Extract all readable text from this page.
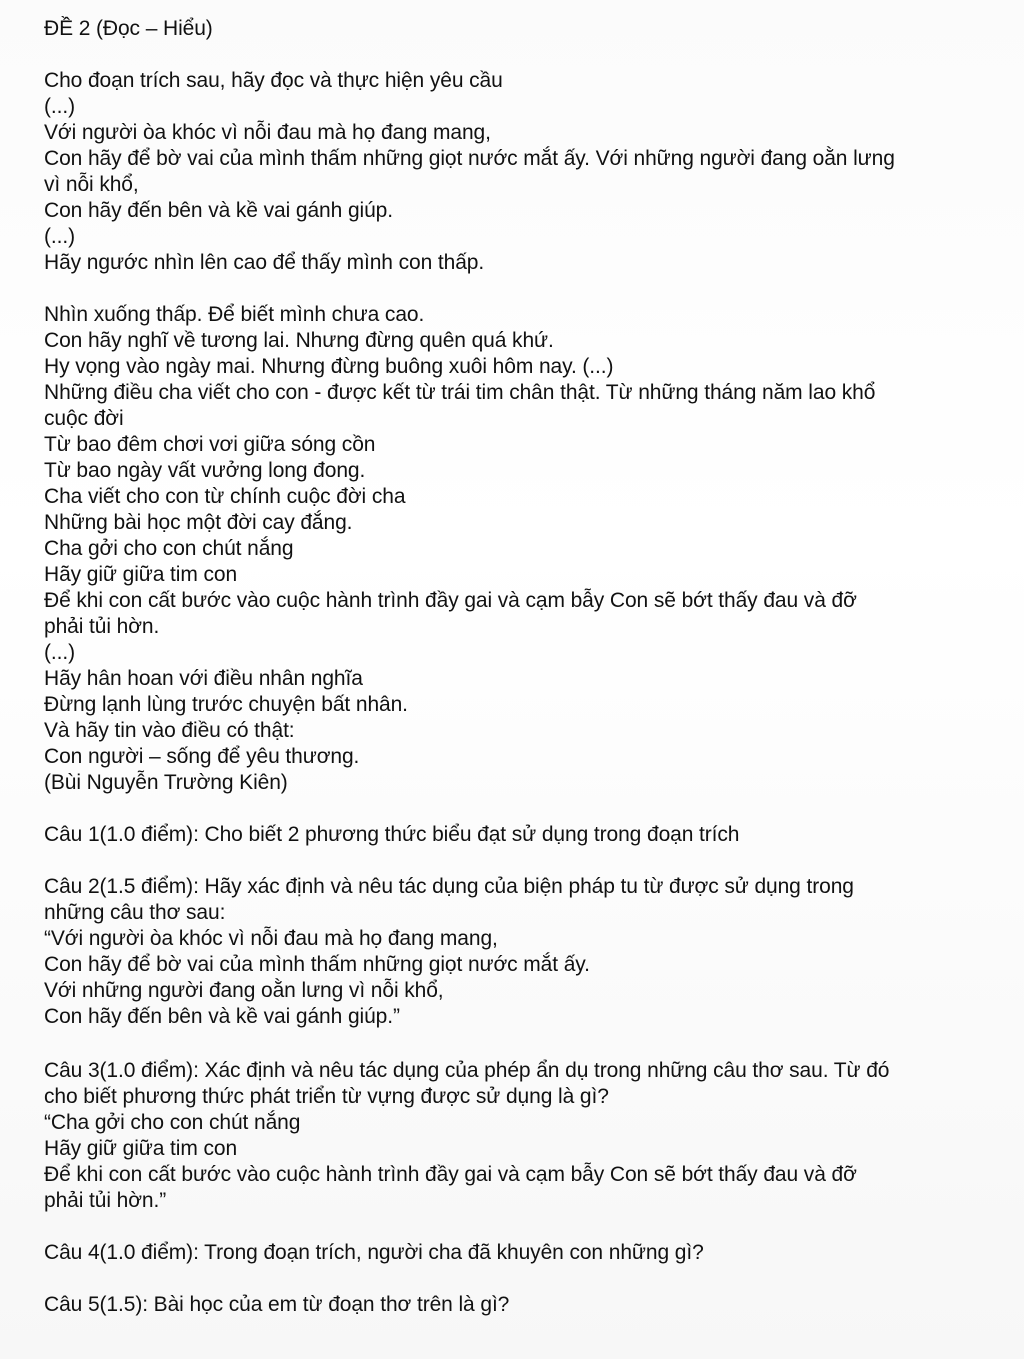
ĐỀ 2 (Đọc – Hiểu)

Cho đoạn trích sau, hãy đọc và thực hiện yêu cầu

(...)

Với người òa khóc vì nỗi đau mà họ đang mang,

Con hãy để bờ vai của mình thấm những giọt nước mắt ấy. Với những người đang oằn lưng

vì nỗi khổ,

Con hãy đến bên và kề vai gánh giúp.

(...)

Hãy ngước nhìn lên cao để thấy mình con thấp.

Nhìn xuống thấp. Để biết mình chưa cao.

Con hãy nghĩ về tương lai. Nhưng đừng quên quá khứ.

Hy vọng vào ngày mai. Nhưng đừng buông xuôi hôm nay. (...)

Những điều cha viết cho con - được kết từ trái tim chân thật. Từ những tháng năm lao khổ

cuộc đời

Từ bao đêm chơi vơi giữa sóng cồn

Từ bao ngày vất vưởng long đong.

Cha viết cho con từ chính cuộc đời cha

Những bài học một đời cay đắng.

Cha gởi cho con chút nắng

Hãy giữ giữa tim con

Để khi con cất bước vào cuộc hành trình đầy gai và cạm bẫy Con sẽ bớt thấy đau và đỡ

phải tủi hờn.

(...)

Hãy hân hoan với điều nhân nghĩa

Đừng lạnh lùng trước chuyện bất nhân.

Và hãy tin vào điều có thật:

Con người – sống để yêu thương.

(Bùi Nguyễn Trường Kiên)

Câu 1(1.0 điểm): Cho biết 2 phương thức biểu đạt sử dụng trong đoạn trích

Câu 2(1.5 điểm): Hãy xác định và nêu tác dụng của biện pháp tu từ được sử dụng trong

những câu thơ sau:

“Với người òa khóc vì nỗi đau mà họ đang mang,

Con hãy để bờ vai của mình thấm những giọt nước mắt ấy.

Với những người đang oằn lưng vì nỗi khổ,

Con hãy đến bên và kề vai gánh giúp.”

Câu 3(1.0 điểm): Xác định và nêu tác dụng của phép ẩn dụ trong những câu thơ sau. Từ đó

cho biết phương thức phát triển từ vựng được sử dụng là gì?

“Cha gởi cho con chút nắng

Hãy giữ giữa tim con

Để khi con cất bước vào cuộc hành trình đầy gai và cạm bẫy Con sẽ bớt thấy đau và đỡ

phải tủi hờn.”

Câu 4(1.0 điểm): Trong đoạn trích, người cha đã khuyên con những gì?

Câu 5(1.5): Bài học của em từ đoạn thơ trên là gì?
